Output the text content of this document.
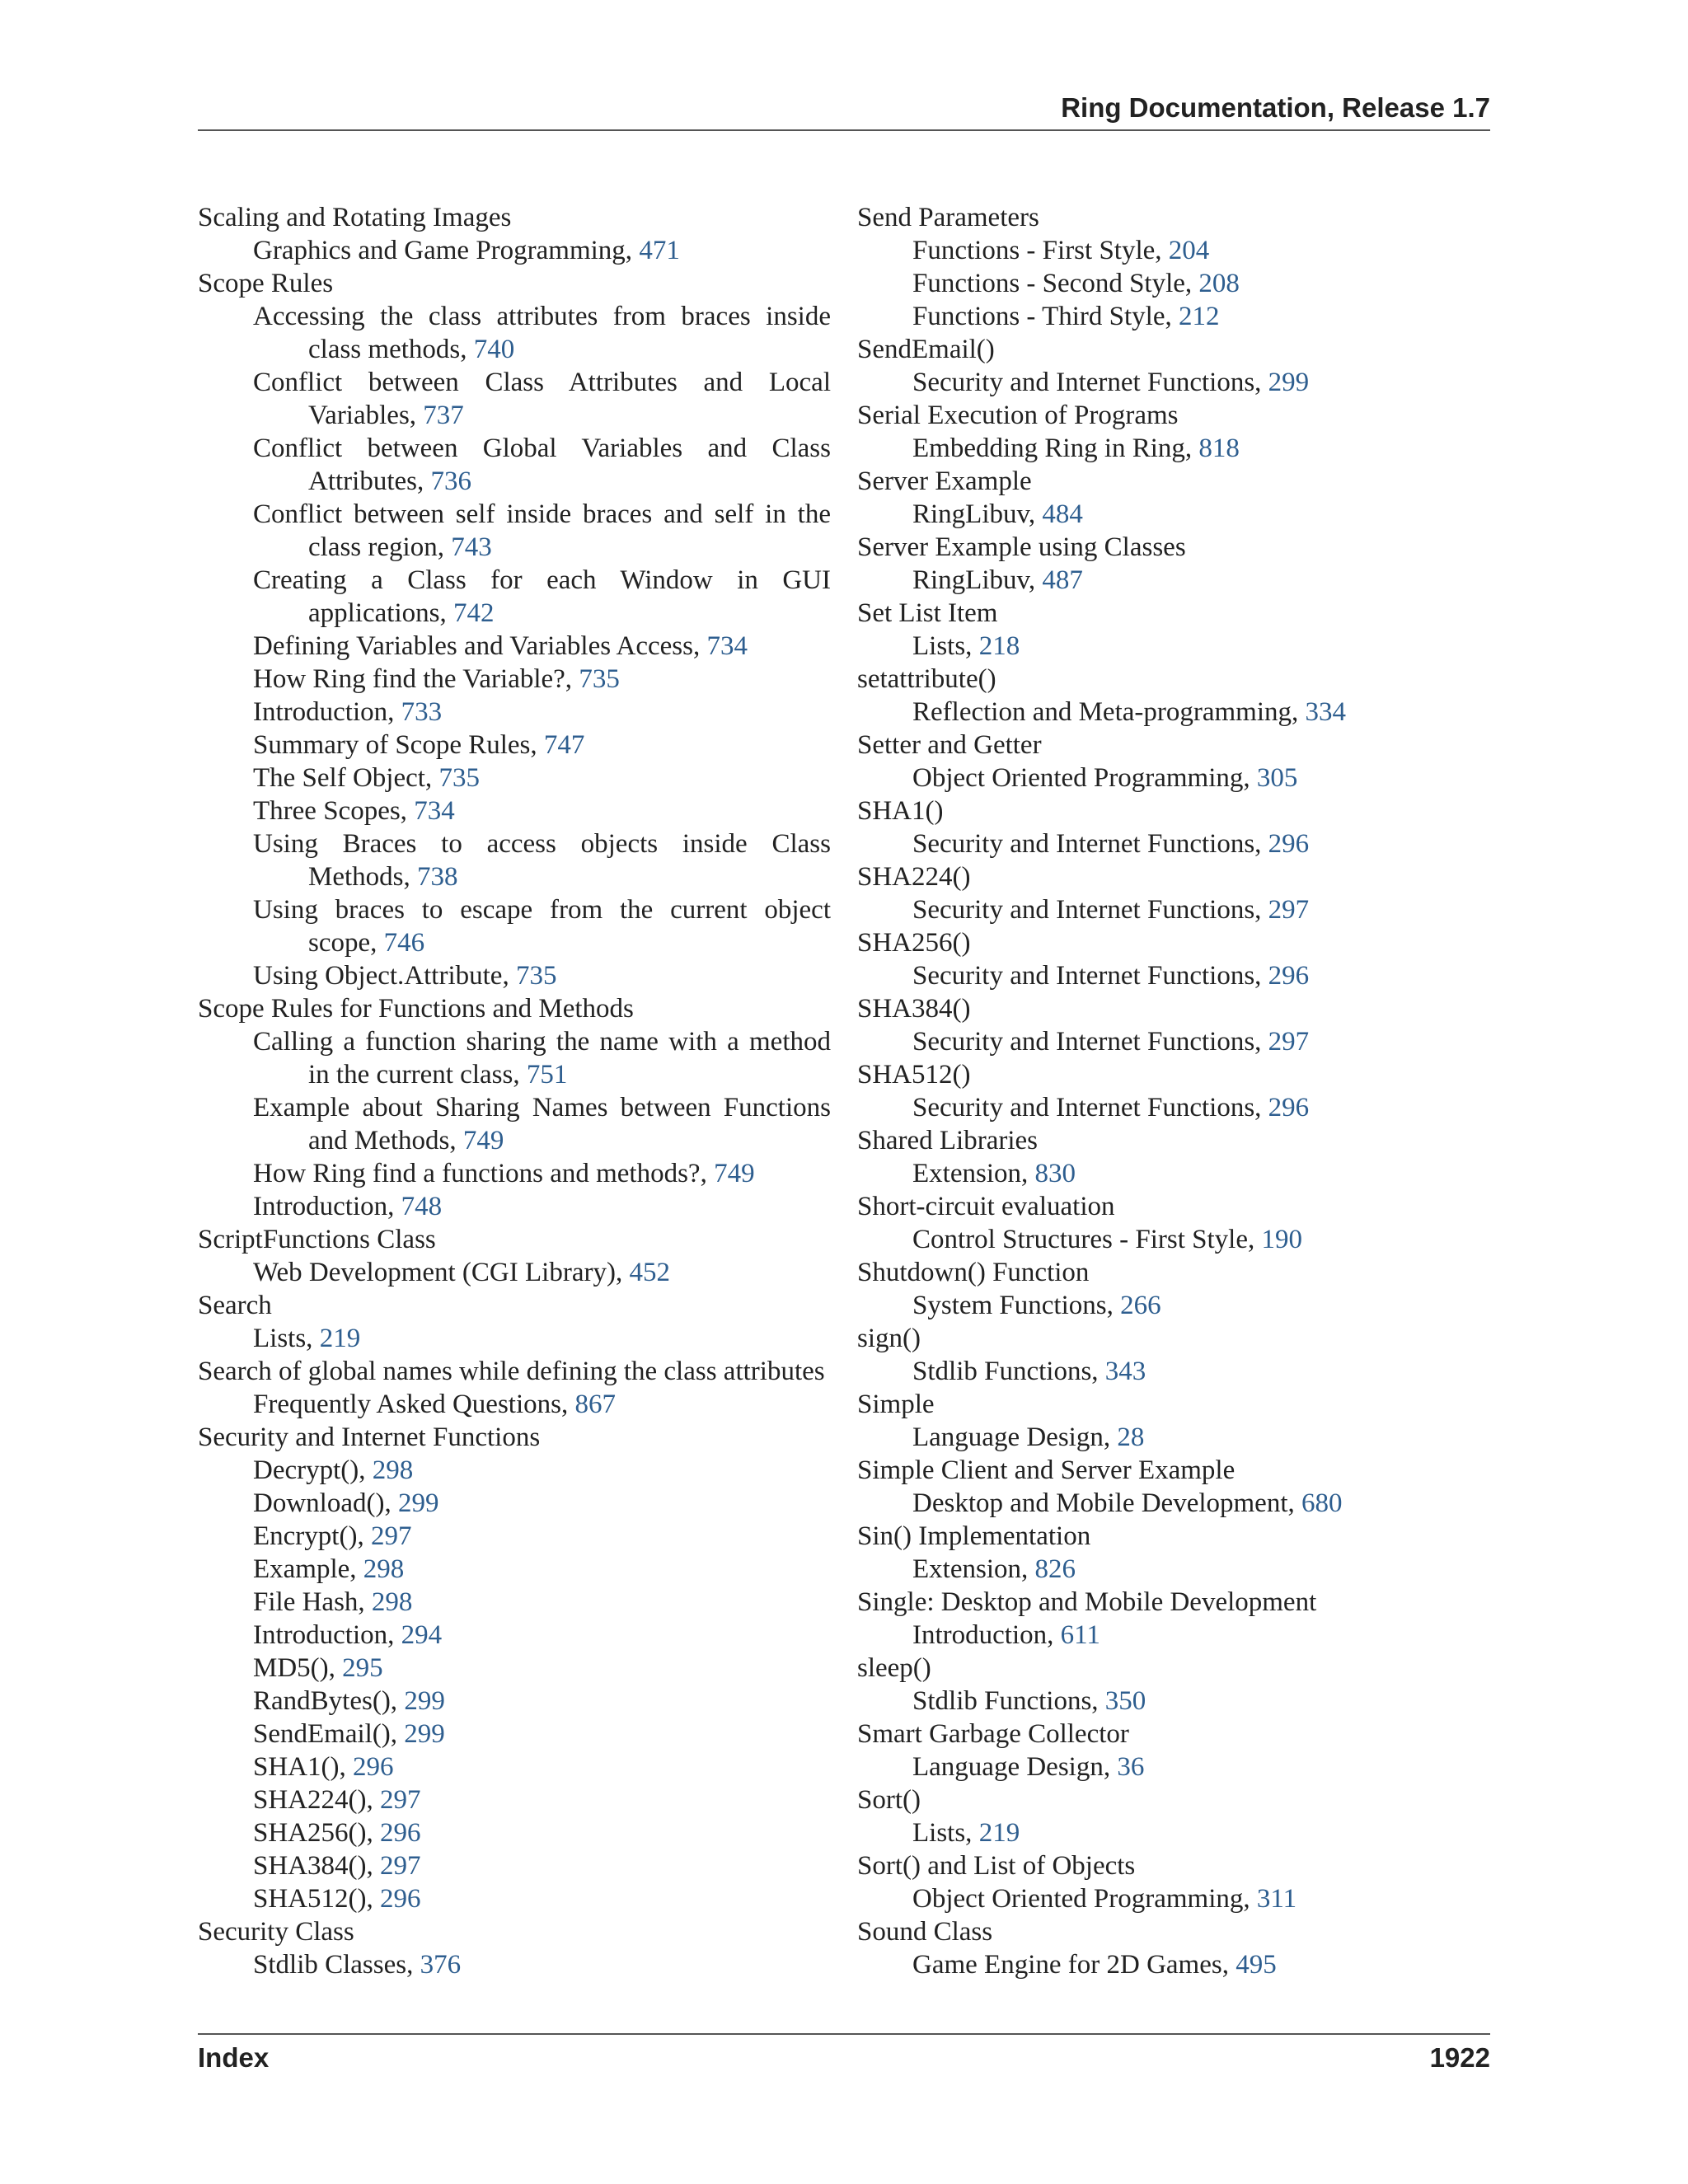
Ring Documentation, Release 1.7
Scaling and Rotating Images
Graphics and Game Programming, 471
Scope Rules
Accessing the class attributes from braces inside class methods, 740
Conflict between Class Attributes and Local Variables, 737
Conflict between Global Variables and Class Attributes, 736
Conflict between self inside braces and self in the class region, 743
Creating a Class for each Window in GUI applications, 742
Defining Variables and Variables Access, 734
How Ring find the Variable?, 735
Introduction, 733
Summary of Scope Rules, 747
The Self Object, 735
Three Scopes, 734
Using Braces to access objects inside Class Methods, 738
Using braces to escape from the current object scope, 746
Using Object.Attribute, 735
Scope Rules for Functions and Methods
Calling a function sharing the name with a method in the current class, 751
Example about Sharing Names between Functions and Methods, 749
How Ring find a functions and methods?, 749
Introduction, 748
ScriptFunctions Class
Web Development (CGI Library), 452
Search
Lists, 219
Search of global names while defining the class attributes
Frequently Asked Questions, 867
Security and Internet Functions
Decrypt(), 298
Download(), 299
Encrypt(), 297
Example, 298
File Hash, 298
Introduction, 294
MD5(), 295
RandBytes(), 299
SendEmail(), 299
SHA1(), 296
SHA224(), 297
SHA256(), 296
SHA384(), 297
SHA512(), 296
Security Class
Stdlib Classes, 376
Send Parameters
Functions - First Style, 204
Functions - Second Style, 208
Functions - Third Style, 212
SendEmail()
Security and Internet Functions, 299
Serial Execution of Programs
Embedding Ring in Ring, 818
Server Example
RingLibuv, 484
Server Example using Classes
RingLibuv, 487
Set List Item
Lists, 218
setattribute()
Reflection and Meta-programming, 334
Setter and Getter
Object Oriented Programming, 305
SHA1()
Security and Internet Functions, 296
SHA224()
Security and Internet Functions, 297
SHA256()
Security and Internet Functions, 296
SHA384()
Security and Internet Functions, 297
SHA512()
Security and Internet Functions, 296
Shared Libraries
Extension, 830
Short-circuit evaluation
Control Structures - First Style, 190
Shutdown() Function
System Functions, 266
sign()
Stdlib Functions, 343
Simple
Language Design, 28
Simple Client and Server Example
Desktop and Mobile Development, 680
Sin() Implementation
Extension, 826
Single: Desktop and Mobile Development
Introduction, 611
sleep()
Stdlib Functions, 350
Smart Garbage Collector
Language Design, 36
Sort()
Lists, 219
Sort() and List of Objects
Object Oriented Programming, 311
Sound Class
Game Engine for 2D Games, 495
Index	1922
